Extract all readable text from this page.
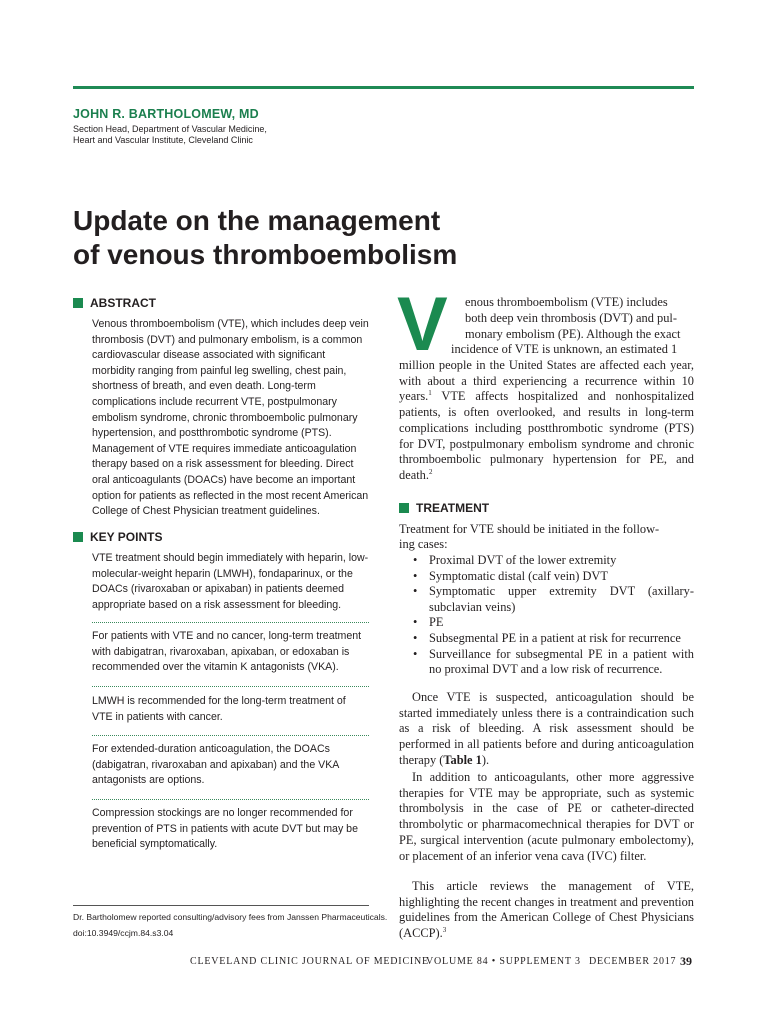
JOHN R. BARTHOLOMEW, MD
Section Head, Department of Vascular Medicine,
Heart and Vascular Institute, Cleveland Clinic
Update on the management
of venous thromboembolism
ABSTRACT

Venous thromboembolism (VTE), which includes deep vein thrombosis (DVT) and pulmonary embolism, is a common cardiovascular disease associated with significant morbidity ranging from painful leg swelling, chest pain, shortness of breath, and even death. Long-term complications include recurrent VTE, postpulmonary embolism syndrome, chronic thromboembolic pulmonary hypertension, and postthrombotic syndrome (PTS). Management of VTE requires immediate anticoagulation therapy based on a risk assessment for bleeding. Direct oral anticoagulants (DOACs) have become an important option for patients as reflected in the most recent American College of Chest Physician treatment guidelines.

KEY POINTS

VTE treatment should begin immediately with heparin, low-molecular-weight heparin (LMWH), fondaparinux, or the DOACs (rivaroxaban or apixaban) in patients deemed appropriate based on a risk assessment for bleeding.

For patients with VTE and no cancer, long-term treatment with dabigatran, rivaroxaban, apixaban, or edoxaban is recommended over the vitamin K antagonists (VKA).

LMWH is recommended for the long-term treatment of VTE in patients with cancer.

For extended-duration anticoagulation, the DOACs (dabigatran, rivaroxaban and apixaban) and the VKA antagonists are options.

Compression stockings are no longer recommended for prevention of PTS in patients with acute DVT but may be beneficial symptomatically.

Dr. Bartholomew reported consulting/advisory fees from Janssen Pharmaceuticals.
doi:10.3949/ccjm.84.s3.04
V enous thromboembolism (VTE) includes
both deep vein thrombosis (DVT) and pul-
monary embolism (PE). Although the exact
incidence of VTE is unknown, an estimated 1

million people in the United States are affected each year, with about a third experiencing a recurrence within 10 years.$^1$ VTE affects hospitalized and nonhospitalized patients, is often overlooked, and results in long-term complications including postthrombotic syndrome (PTS) for DVT, postpulmonary embolism syndrome and chronic thromboembolic pulmonary hypertension for PE, and death.$^2$

TREATMENT
Treatment for VTE should be initiated in the follow-
ing cases:
• Proximal DVT of the lower extremity
• Symptomatic distal (calf vein) DVT
• Symptomatic upper extremity DVT (axillary-subclavian veins)
• PE
• Subsegmental PE in a patient at risk for recurrence
• Surveillance for subsegmental PE in a patient with no proximal DVT and a low risk of recurrence.

Once VTE is suspected, anticoagulation should be started immediately unless there is a contraindication such as a risk of bleeding. A risk assessment should be performed in all patients before and during anticoagulation therapy (Table 1).

In addition to anticoagulants, other more aggressive therapies for VTE may be appropriate, such as systemic thrombolysis in the case of PE or catheter-directed thrombolytic or pharmacomechnical therapies for DVT or PE, surgical intervention (acute pulmonary embolectomy), or placement of an inferior vena cava (IVC) filter.

This article reviews the management of VTE, highlighting the recent changes in treatment and prevention guidelines from the American College of Chest Physicians (ACCP).$^3$

CLEVELAND CLINIC JOURNAL OF MEDICINE
VOLUME 84 • SUPPLEMENT 3 DECEMBER 2017 39
